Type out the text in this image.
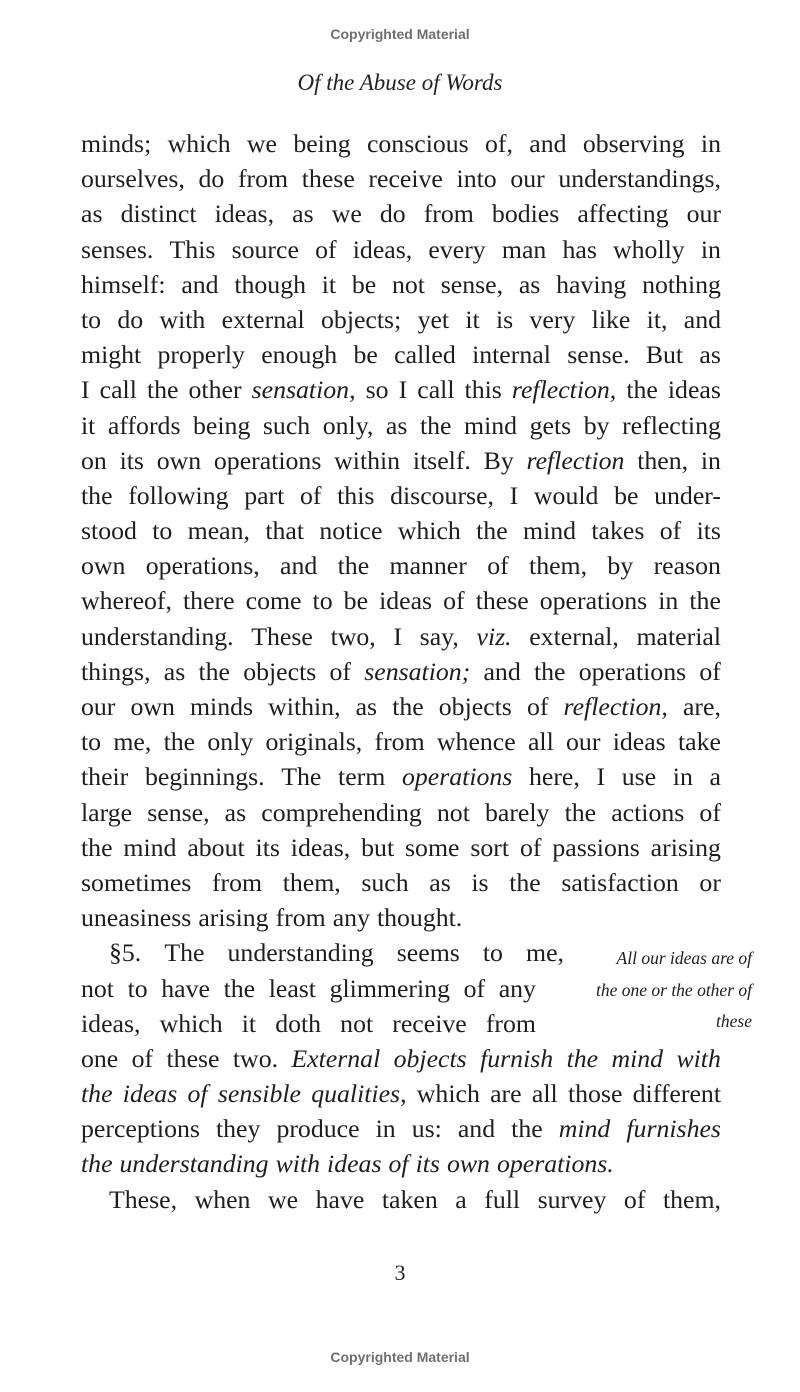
Copyrighted Material
Of the Abuse of Words
minds; which we being conscious of, and observing in
ourselves, do from these receive into our understandings,
as distinct ideas, as we do from bodies affecting our
senses. This source of ideas, every man has wholly in
himself: and though it be not sense, as having nothing
to do with external objects; yet it is very like it, and
might properly enough be called internal sense. But as
I call the other sensation, so I call this reflection, the ideas
it affords being such only, as the mind gets by reflecting
on its own operations within itself. By reflection then, in
the following part of this discourse, I would be under-
stood to mean, that notice which the mind takes of its
own operations, and the manner of them, by reason
whereof, there come to be ideas of these operations in the
understanding. These two, I say, viz. external, material
things, as the objects of sensation; and the operations of
our own minds within, as the objects of reflection, are,
to me, the only originals, from whence all our ideas take
their beginnings. The term operations here, I use in a
large sense, as comprehending not barely the actions of
the mind about its ideas, but some sort of passions arising
sometimes from them, such as is the satisfaction or
uneasiness arising from any thought.
§5. The understanding seems to me,
not to have the least glimmering of any
ideas, which it doth not receive from
one of these two. External objects furnish the mind with
the ideas of sensible qualities, which are all those different
perceptions they produce in us: and the mind furnishes
the understanding with ideas of its own operations.
These, when we have taken a full survey of them,
All our ideas are of
the one or the other of
these
3
Copyrighted Material
